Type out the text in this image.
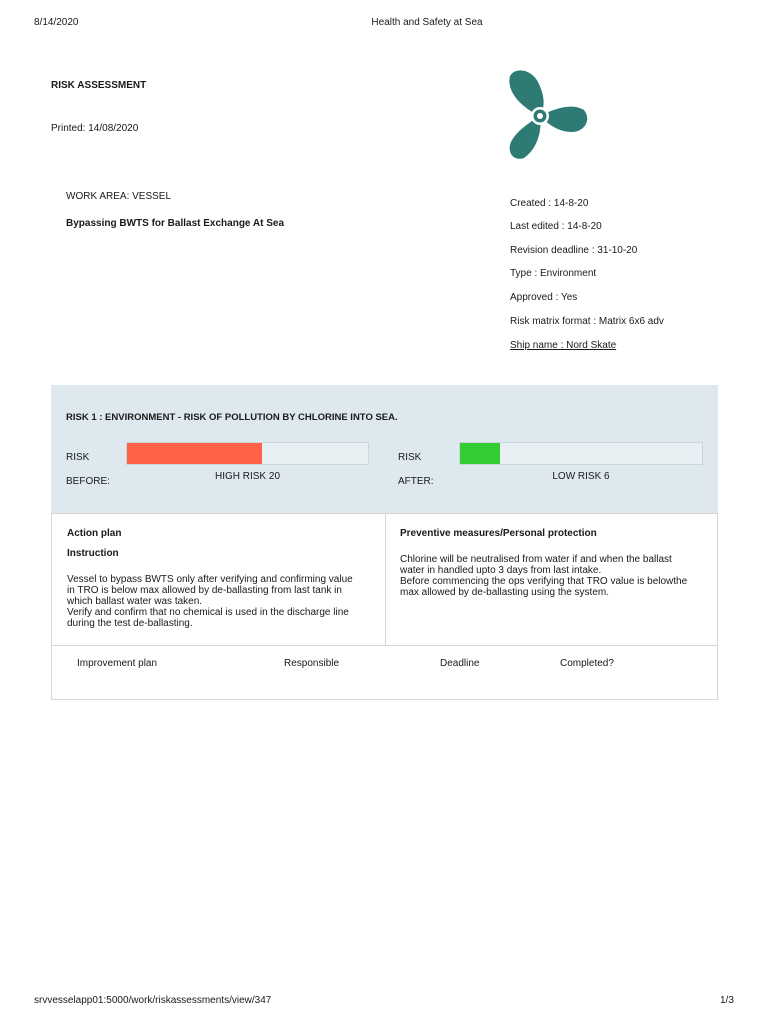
8/14/2020	Health and Safety at Sea
RISK ASSESSMENT
Printed: 14/08/2020
WORK AREA: VESSEL
Bypassing BWTS for Ballast Exchange At Sea
Created : 14-8-20
Last edited : 14-8-20
Revision deadline : 31-10-20
Type : Environment
Approved : Yes
Risk matrix format : Matrix 6x6 adv
Ship name : Nord Skate
RISK 1 : ENVIRONMENT - RISK OF POLLUTION BY CHLORINE INTO SEA.
RISK
BEFORE:	HIGH RISK 20
RISK
AFTER:	LOW RISK 6
Action plan
Instruction
Vessel to bypass BWTS only after verifying and confirming value
in TRO is below max allowed by de-ballasting from last tank in
which ballast water was taken.
Verify and confirm that no chemical is used in the discharge line
during the test de-ballasting.
Preventive measures/Personal protection
Chlorine will be neutralised from water if and when the ballast
water in handled upto 3 days from last intake.
Before commencing the ops verifying that TRO value is belowthe
max allowed by de-ballasting using the system.
Improvement plan	Responsible	Deadline	Completed?
srvvesselapp01:5000/work/riskassessments/view/347	1/3
